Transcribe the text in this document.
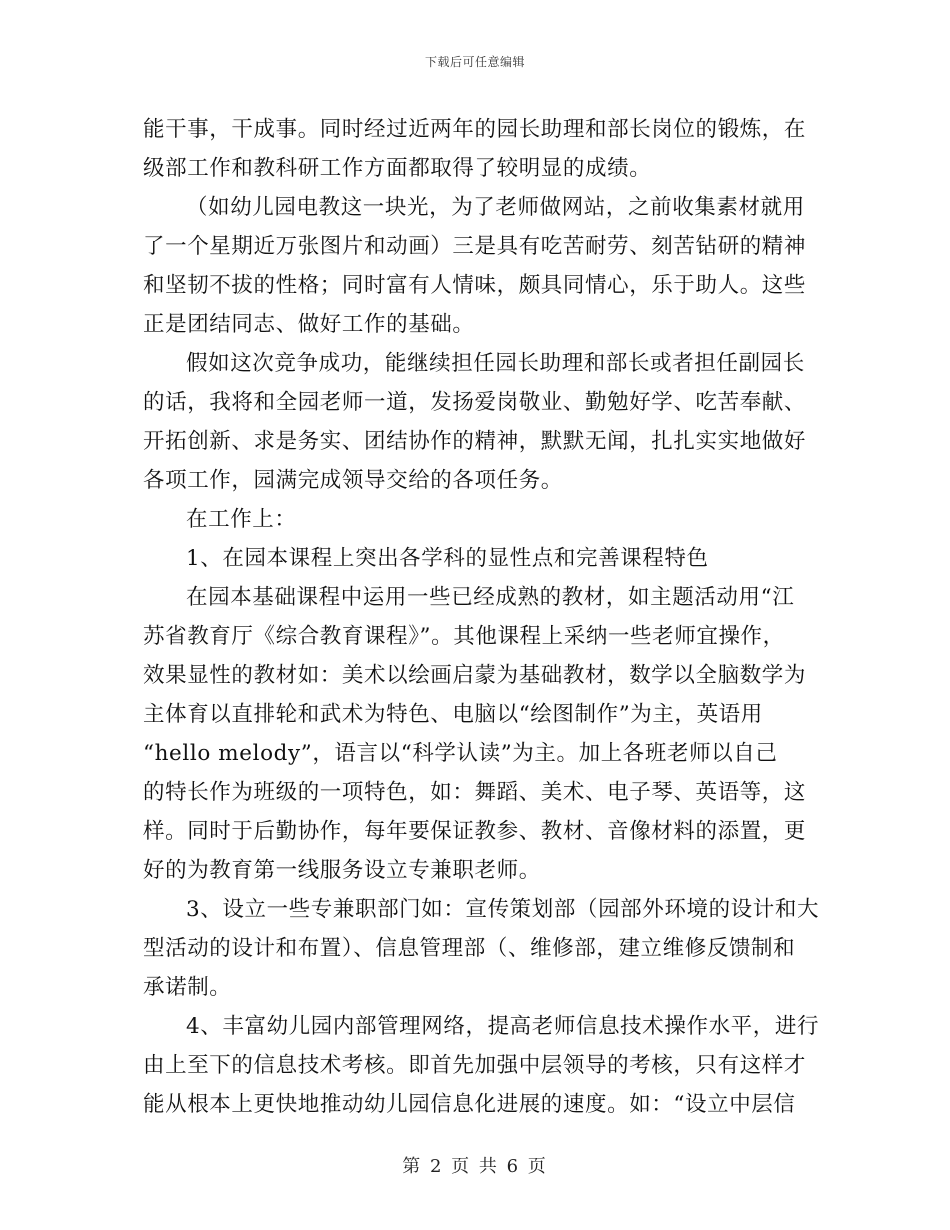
下载后可任意编辑
能干事，干成事。同时经过近两年的园长助理和部长岗位的锻炼，在
级部工作和教科研工作方面都取得了较明显的成绩。
（如幼儿园电教这一块光，为了老师做网站，之前收集素材就用
了一个星期近万张图片和动画）三是具有吃苦耐劳、刻苦钻研的精神
和坚韧不拔的性格；同时富有人情味，颇具同情心，乐于助人。这些
正是团结同志、做好工作的基础。
假如这次竞争成功，能继续担任园长助理和部长或者担任副园长
的话，我将和全园老师一道，发扬爱岗敬业、勤勉好学、吃苦奉献、
开拓创新、求是务实、团结协作的精神，默默无闻，扎扎实实地做好
各项工作，园满完成领导交给的各项任务。
在工作上：
1、在园本课程上突出各学科的显性点和完善课程特色
在园本基础课程中运用一些已经成熟的教材，如主题活动用“江
苏省教育厅《综合教育课程》”。其他课程上采纳一些老师宜操作，
效果显性的教材如：美术以绘画启蒙为基础教材，数学以全脑数学为
主体育以直排轮和武术为特色、电脑以“绘图制作”为主，英语用
“hello melody”，语言以“科学认读”为主。加上各班老师以自己
的特长作为班级的一项特色，如：舞蹈、美术、电子琴、英语等，这
样。同时于后勤协作，每年要保证教参、教材、音像材料的添置，更
好的为教育第一线服务设立专兼职老师。
3、设立一些专兼职部门如：宣传策划部（园部外环境的设计和大
型活动的设计和布置）、信息管理部（、维修部，建立维修反馈制和
承诺制。
4、丰富幼儿园内部管理网络，提高老师信息技术操作水平，进行
由上至下的信息技术考核。即首先加强中层领导的考核，只有这样才
能从根本上更快地推动幼儿园信息化进展的速度。如：“设立中层信
第 2 页 共 6 页
